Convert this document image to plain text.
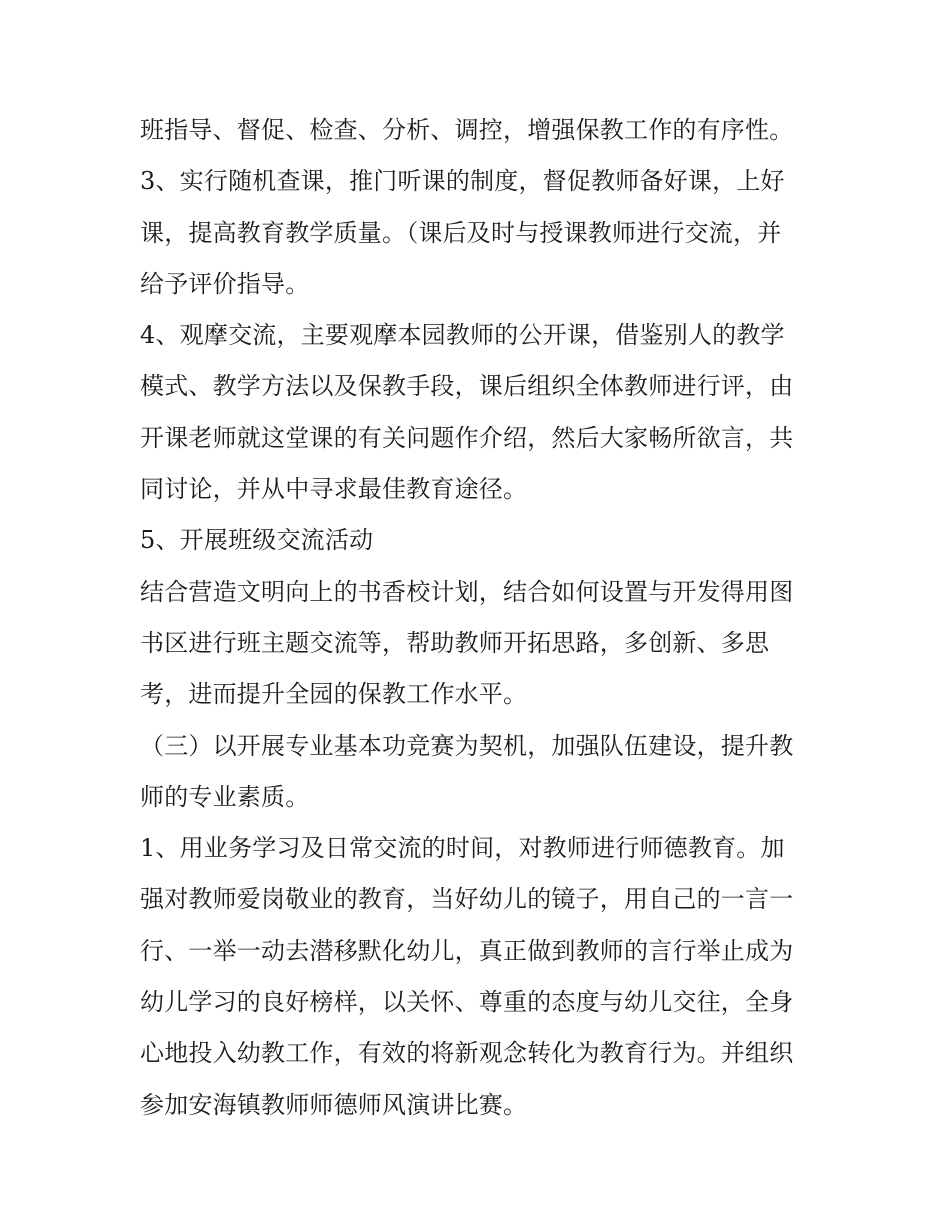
班指导、督促、检查、分析、调控，增强保教工作的有序性。
3、实行随机查课，推门听课的制度，督促教师备好课，上好
课，提高教育教学质量。（课后及时与授课教师进行交流，并
给予评价指导。
4、观摩交流，主要观摩本园教师的公开课，借鉴别人的教学
模式、教学方法以及保教手段，课后组织全体教师进行评，由
开课老师就这堂课的有关问题作介绍，然后大家畅所欲言，共
同讨论，并从中寻求最佳教育途径。
5、开展班级交流活动
结合营造文明向上的书香校计划，结合如何设置与开发得用图
书区进行班主题交流等，帮助教师开拓思路，多创新、多思
考，进而提升全园的保教工作水平。
（三）以开展专业基本功竞赛为契机，加强队伍建设，提升教
师的专业素质。
1、用业务学习及日常交流的时间，对教师进行师德教育。加
强对教师爱岗敬业的教育，当好幼儿的镜子，用自己的一言一
行、一举一动去潜移默化幼儿，真正做到教师的言行举止成为
幼儿学习的良好榜样，以关怀、尊重的态度与幼儿交往，全身
心地投入幼教工作，有效的将新观念转化为教育行为。并组织
参加安海镇教师师德师风演讲比赛。
